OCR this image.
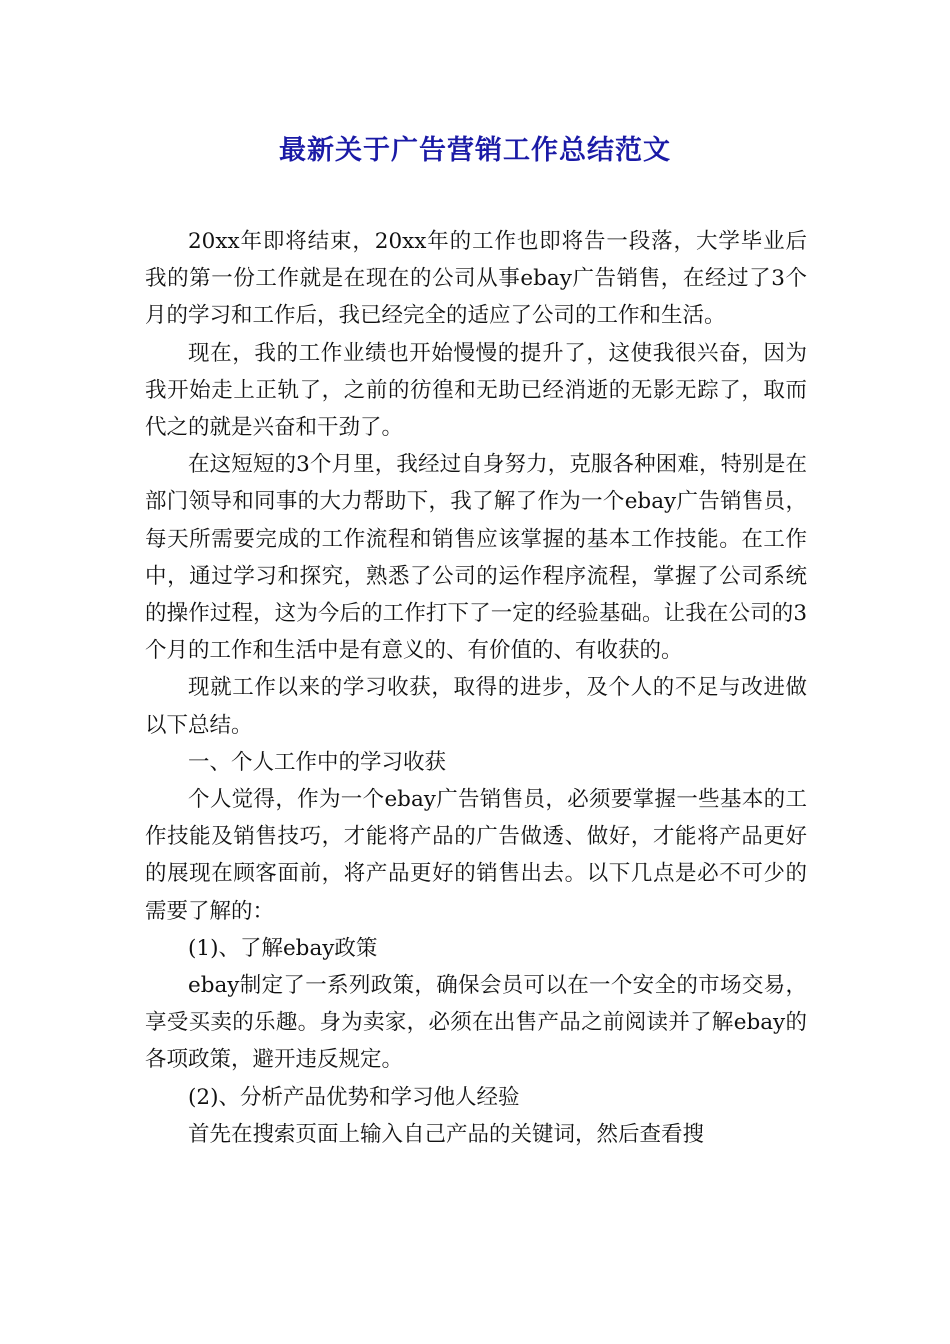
最新关于广告营销工作总结范文

20xx年即将结束，20xx年的工作也即将告一段落，大学毕业后我的第一份工作就是在现在的公司从事ebay广告销售，在经过了3个月的学习和工作后，我已经完全的适应了公司的工作和生活。

现在，我的工作业绩也开始慢慢的提升了，这使我很兴奋，因为我开始走上正轨了，之前的彷徨和无助已经消逝的无影无踪了，取而代之的就是兴奋和干劲了。

在这短短的3个月里，我经过自身努力，克服各种困难，特别是在部门领导和同事的大力帮助下，我了解了作为一个ebay广告销售员，每天所需要完成的工作流程和销售应该掌握的基本工作技能。在工作中，通过学习和探究，熟悉了公司的运作程序流程，掌握了公司系统的操作过程，这为今后的工作打下了一定的经验基础。让我在公司的3个月的工作和生活中是有意义的、有价值的、有收获的。

现就工作以来的学习收获，取得的进步，及个人的不足与改进做以下总结。

一、个人工作中的学习收获

个人觉得，作为一个ebay广告销售员，必须要掌握一些基本的工作技能及销售技巧，才能将产品的广告做透、做好，才能将产品更好的展现在顾客面前，将产品更好的销售出去。以下几点是必不可少的需要了解的：

(1)、了解ebay政策

ebay制定了一系列政策，确保会员可以在一个安全的市场交易，享受买卖的乐趣。身为卖家，必须在出售产品之前阅读并了解ebay的各项政策，避开违反规定。

(2)、分析产品优势和学习他人经验

首先在搜索页面上输入自己产品的关键词，然后查看搜
